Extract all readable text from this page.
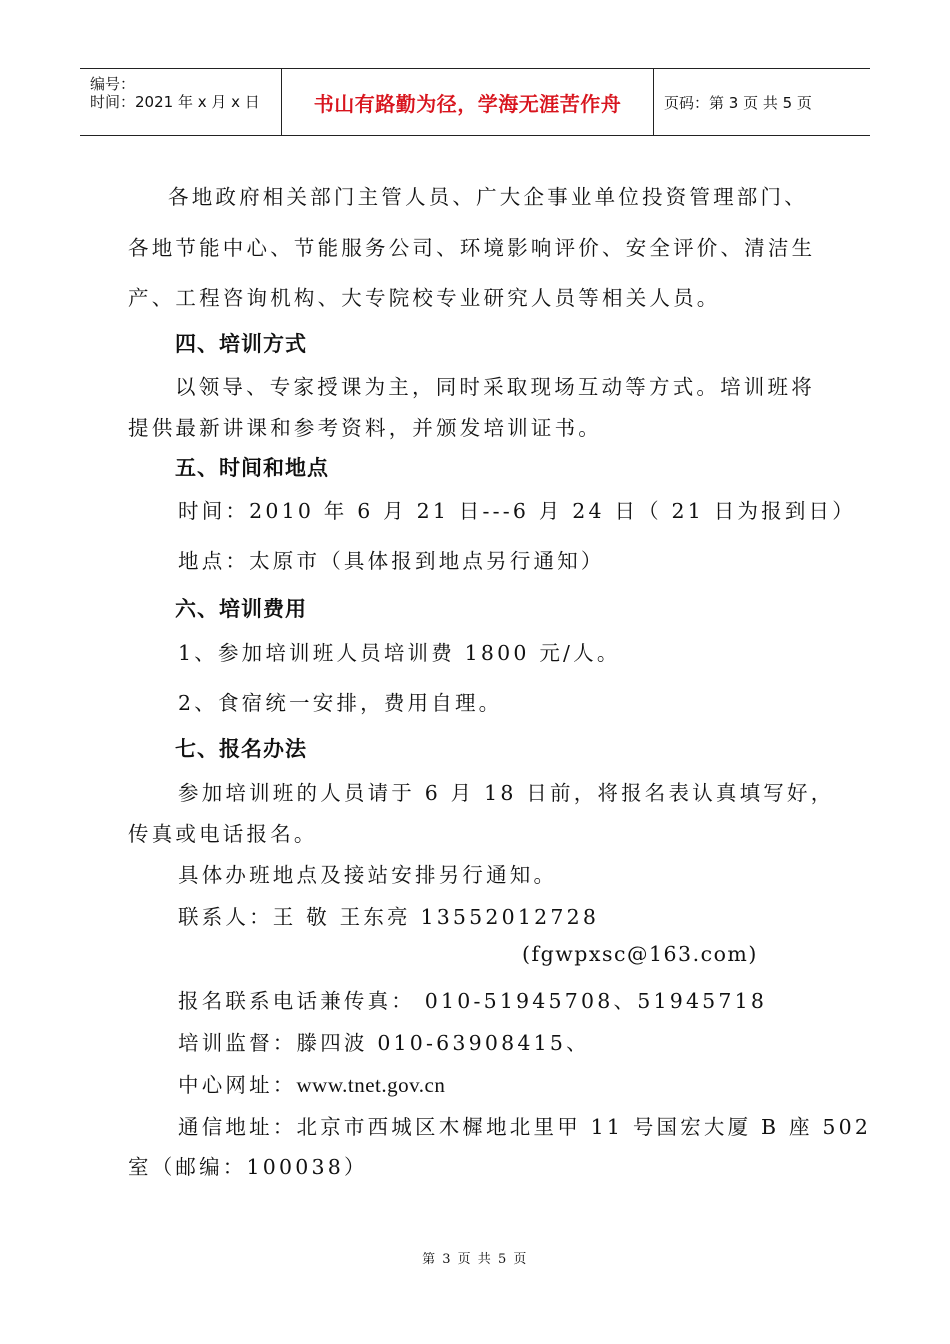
编号：
时间：2021 年 x 月 x 日	书山有路勤为径，学海无涯苦作舟	页码：第 3 页 共 5 页
各地政府相关部门主管人员、广大企事业单位投资管理部门、
各地节能中心、节能服务公司、环境影响评价、安全评价、清洁生
产、工程咨询机构、大专院校专业研究人员等相关人员。
四、培训方式
以领导、专家授课为主，同时采取现场互动等方式。培训班将
提供最新讲课和参考资料，并颁发培训证书。
五、时间和地点
时间：2010 年 6 月 21 日---6 月 24 日（ 21 日为报到日）
地点：太原市（具体报到地点另行通知）
六、培训费用
1、参加培训班人员培训费 1800 元/人。
2、食宿统一安排，费用自理。
七、报名办法
参加培训班的人员请于 6 月 18 日前，将报名表认真填写好，
传真或电话报名。
具体办班地点及接站安排另行通知。
联系人：王 敬 王东亮 13552012728
(fgwpxsc@163.com)
报名联系电话兼传真： 010-51945708、51945718
培训监督：滕四波 010-63908415、
中心网址：www.tnet.gov.cn
通信地址：北京市西城区木樨地北里甲 11 号国宏大厦 B 座 502
室（邮编：100038）
第 3 页 共 5 页
